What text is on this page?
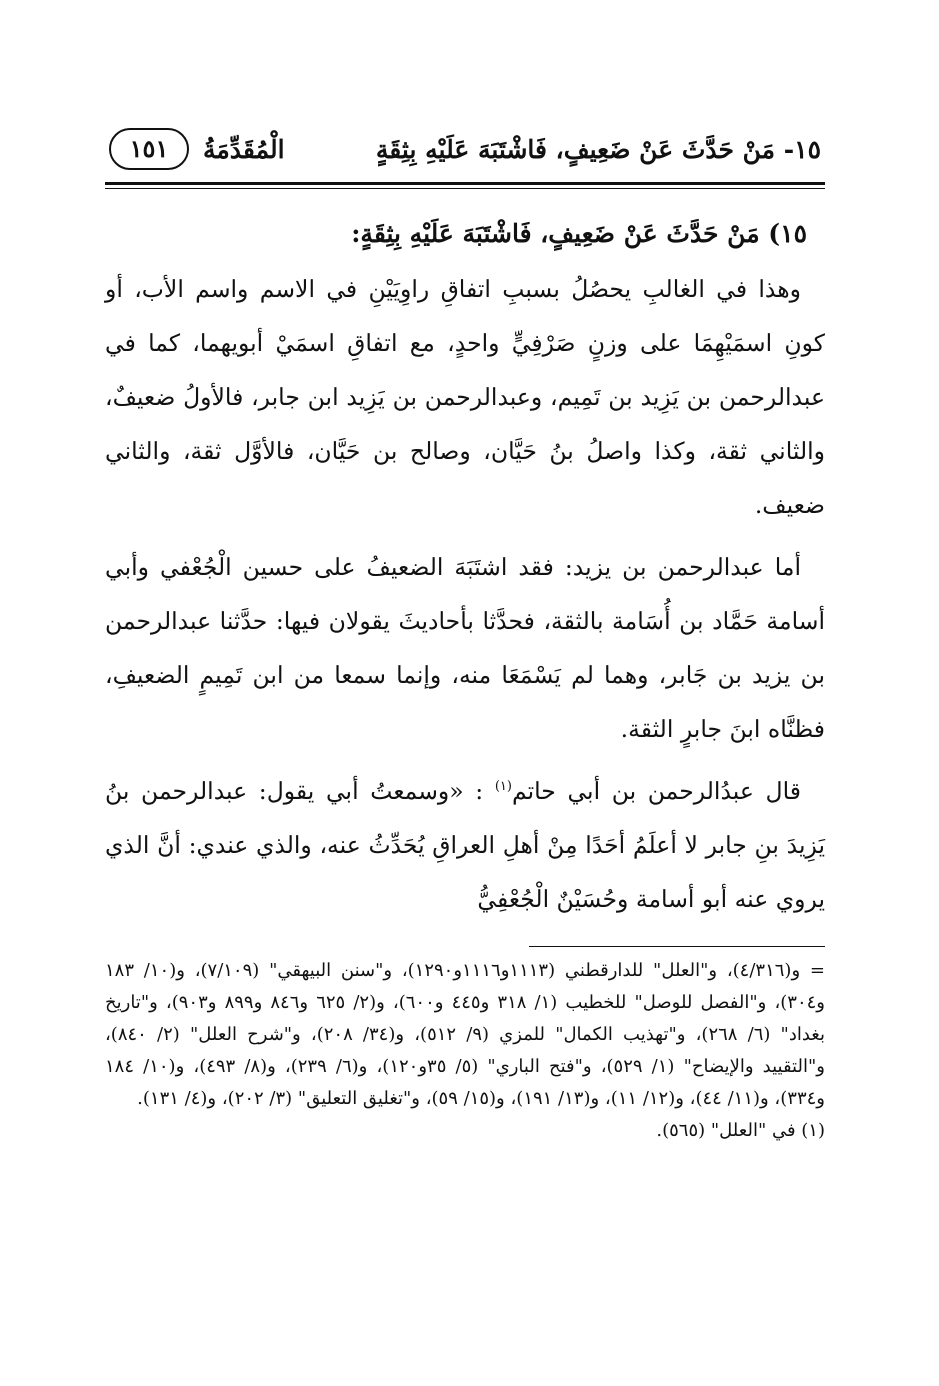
١٥- مَنْ حَدَّثَ عَنْ ضَعِيفٍ، فَاشْتَبَهَ عَلَيْهِ بِثِقَةٍ
الْمُقَدِّمَةُ
١٥١
١٥) مَنْ حَدَّثَ عَنْ ضَعِيفٍ، فَاشْتَبَهَ عَلَيْهِ بِثِقَةٍ:

وهذا في الغالبِ يحصُلُ بسببِ اتفاقِ راوِيَيْنِ في الاسم واسم الأب، أو كونِ اسمَيْهِمَا على وزنٍ صَرْفِيٍّ واحدٍ، مع اتفاقِ اسمَيْ أبويهما، كما في عبدالرحمن بن يَزِيد بن تَمِيم، وعبدالرحمن بن يَزِيد ابن جابر، فالأولُ ضعيفٌ، والثاني ثقة، وكذا واصلُ بنُ حَيَّان، وصالح بن حَيَّان، فالأوَّل ثقة، والثاني ضعيف.

أما عبدالرحمن بن يزيد: فقد اشتَبَهَ الضعيفُ على حسين الْجُعْفي وأبي أسامة حَمَّاد بن أُسَامة بالثقة، فحدَّثا بأحاديثَ يقولان فيها: حدَّثنا عبدالرحمن بن يزيد بن جَابر، وهما لم يَسْمَعَا منه، وإنما سمعا من ابن تَمِيمٍ الضعيفِ، فظنَّاه ابنَ جابرٍ الثقة.

قال عبدُالرحمن بن أبي حاتم$^{(١)}$ : «وسمعتُ أبي يقول: عبدالرحمن بنُ يَزِيدَ بنِ جابر لا أعلَمُ أحَدًا مِنْ أهلِ العراقِ يُحَدِّثُ عنه، والذي عندي: أنَّ الذي يروي عنه أبو أسامة وحُسَيْنٌ الْجُعْفِيُّ

= و(٤/٣١٦)، و"العلل" للدارقطني (١١١٣و١١١٦و١٢٩٠)، و"سنن البيهقي" (٧/١٠٩)، و(١٠/ ١٨٣ و٣٠٤)، و"الفصل للوصل" للخطيب (١/ ٣١٨ و٤٤٥ و٦٠٠)، و(٢/ ٦٢٥ و٨٤٦ و٨٩٩ و٩٠٣)، و"تاريخ بغداد" (٦/ ٢٦٨)، و"تهذيب الكمال" للمزي (٩/ ٥١٢)، و(٣٤/ ٢٠٨)، و"شرح العلل" (٢/ ٨٤٠)، و"التقييد والإيضاح" (١/ ٥٢٩)، و"فتح الباري" (٥/ ٣٥و١٢٠)، و(٦/ ٢٣٩)، و(٨/ ٤٩٣)، و(١٠/ ١٨٤ و٣٣٤)، و(١١/ ٤٤)، و(١٢/ ١١)، و(١٣/ ١٩١)، و(١٥/ ٥٩)، و"تغليق التعليق" (٣/ ٢٠٢)، و(٤/ ١٣١).

(١) في "العلل" (٥٦٥).
